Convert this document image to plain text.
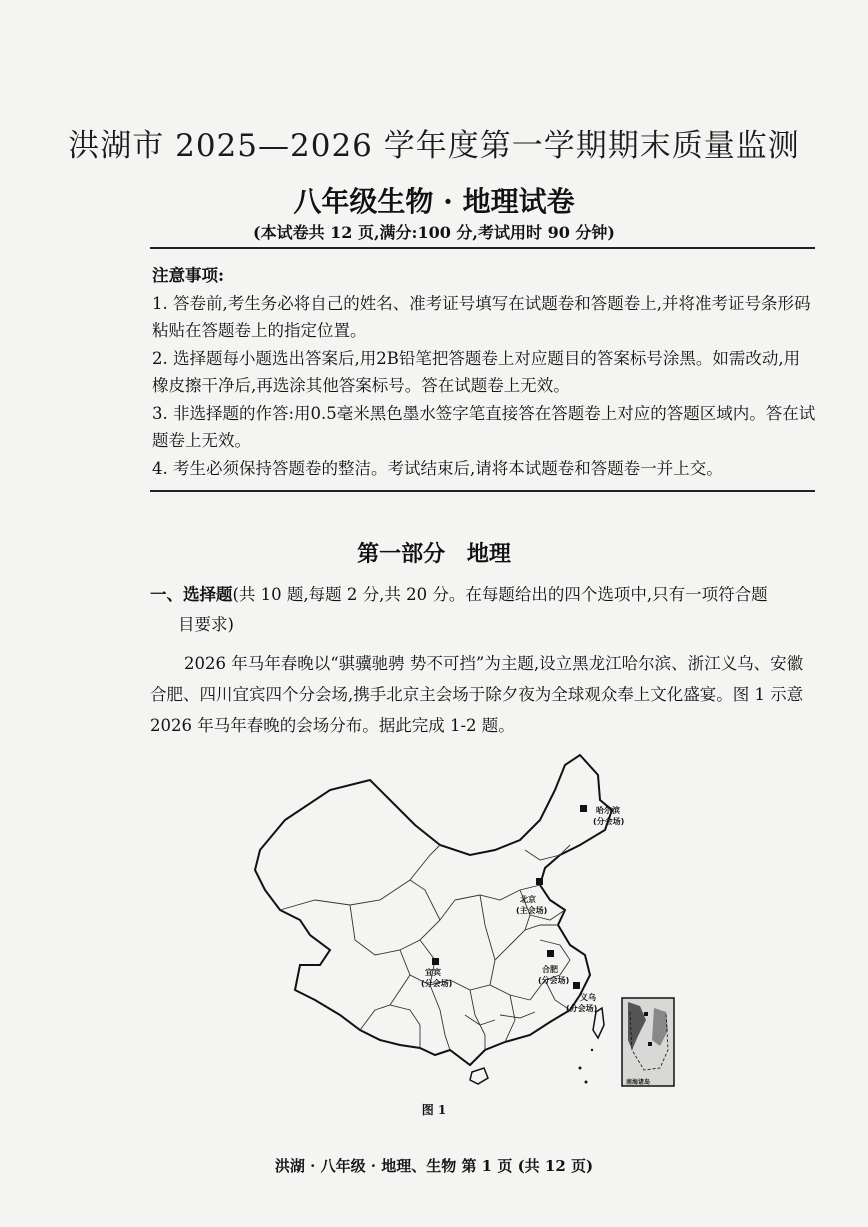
洪湖市 2025—2026 学年度第一学期期末质量监测
八年级生物 · 地理试卷
(本试卷共 12 页,满分:100 分,考试用时 90 分钟)
注意事项:
1. 答卷前,考生务必将自己的姓名、准考证号填写在试题卷和答题卷上,并将准考证号条形码粘贴在答题卷上的指定位置。
2. 选择题每小题选出答案后,用2B铅笔把答题卷上对应题目的答案标号涂黑。如需改动,用橡皮擦干净后,再选涂其他答案标号。答在试题卷上无效。
3. 非选择题的作答:用0.5毫米黑色墨水签字笔直接答在答题卷上对应的答题区域内。答在试题卷上无效。
4. 考生必须保持答题卷的整洁。考试结束后,请将本试题卷和答题卷一并上交。
第一部分 地理
一、选择题(共 10 题,每题 2 分,共 20 分。在每题给出的四个选项中,只有一项符合题
目要求)
2026 年马年春晚以“骐骥驰骋 势不可挡”为主题,设立黑龙江哈尔滨、浙江义乌、安徽合肥、四川宜宾四个分会场,携手北京主会场于除夕夜为全球观众奉上文化盛宴。图 1 示意 2026 年马年春晚的会场分布。据此完成 1-2 题。
哈尔滨
(分会场)
北京
(主会场)
宜宾
(分会场)
合肥
(分会场)
义乌
(分会场)
南海诸岛
图 1
洪湖 · 八年级 · 地理、生物 第 1 页 (共 12 页)
